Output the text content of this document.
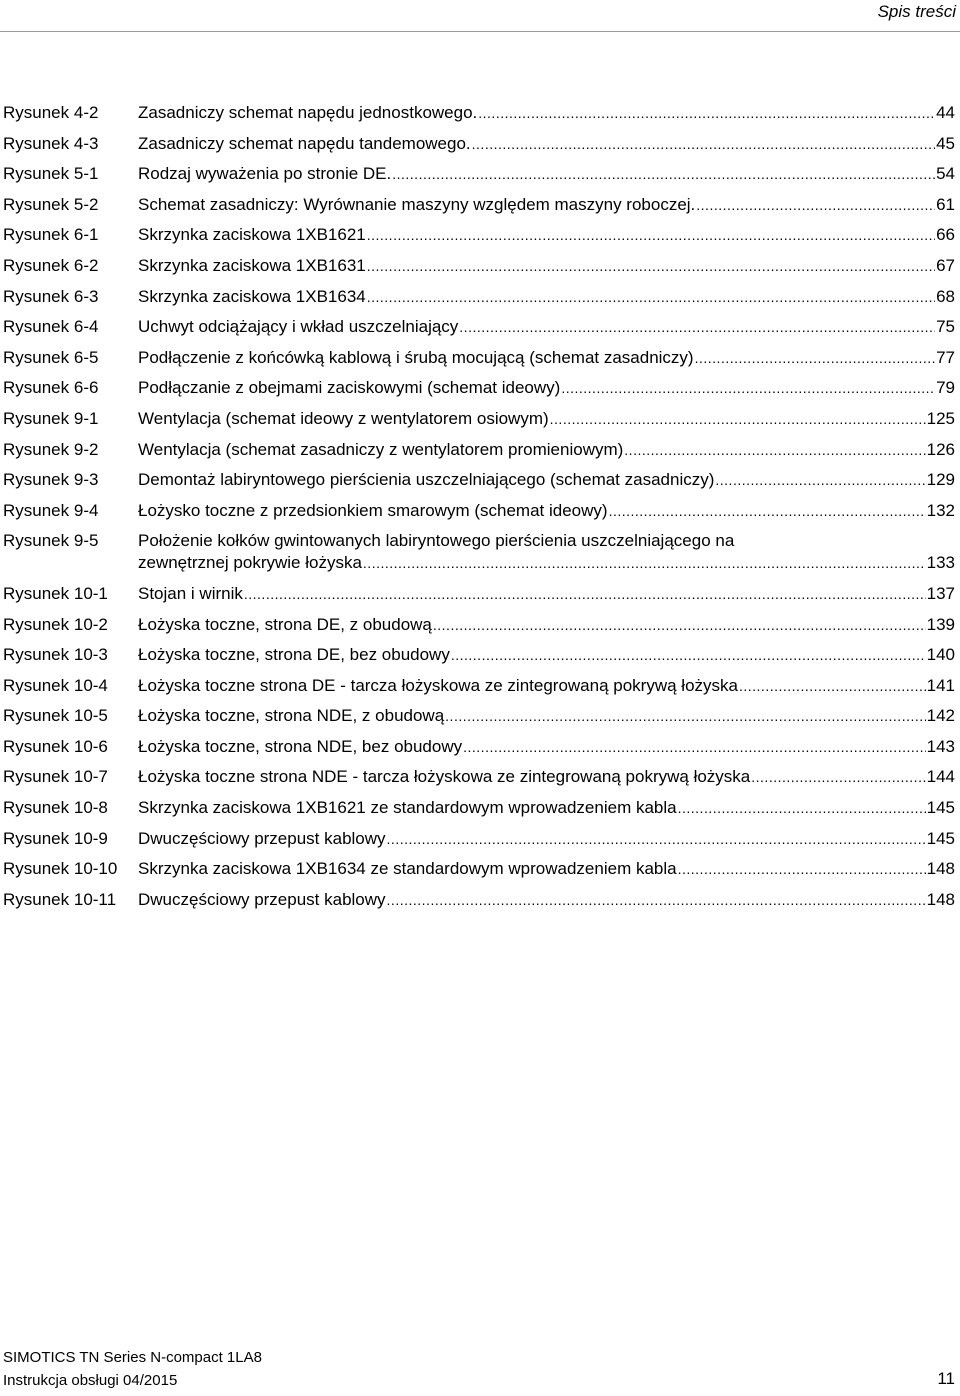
Spis treści
Rysunek 4-2	Zasadniczy schemat napędu jednostkowego. .....	44
Rysunek 4-3	Zasadniczy schemat napędu tandemowego. .....	45
Rysunek 5-1	Rodzaj wyważenia po stronie DE. .....	54
Rysunek 5-2	Schemat zasadniczy: Wyrównanie maszyny względem maszyny roboczej. .....	61
Rysunek 6-1	Skrzynka zaciskowa 1XB1621 .....	66
Rysunek 6-2	Skrzynka zaciskowa 1XB1631 .....	67
Rysunek 6-3	Skrzynka zaciskowa 1XB1634 .....	68
Rysunek 6-4	Uchwyt odciążający i wkład uszczelniający .....	75
Rysunek 6-5	Podłączenie z końcówką kablową i śrubą mocującą (schemat zasadniczy) .....	77
Rysunek 6-6	Podłączanie z obejmami zaciskowymi (schemat ideowy) .....	79
Rysunek 9-1	Wentylacja (schemat ideowy z wentylatorem osiowym) .....	125
Rysunek 9-2	Wentylacja (schemat zasadniczy z wentylatorem promieniowym) .....	126
Rysunek 9-3	Demontaż labiryntowego pierścienia uszczelniającego (schemat zasadniczy) .....	129
Rysunek 9-4	Łożysko toczne z przedsionkiem smarowym (schemat ideowy) .....	132
Rysunek 9-5	Położenie kołków gwintowanych labiryntowego pierścienia uszczelniającego na
zewnętrznej pokrywie łożyska .....	133
Rysunek 10-1	Stojan i wirnik .....	137
Rysunek 10-2	Łożyska toczne, strona DE, z obudową .....	139
Rysunek 10-3	Łożyska toczne, strona DE, bez obudowy .....	140
Rysunek 10-4	Łożyska toczne strona DE - tarcza łożyskowa ze zintegrowaną pokrywą łożyska .....	141
Rysunek 10-5	Łożyska toczne, strona NDE, z obudową .....	142
Rysunek 10-6	Łożyska toczne, strona NDE, bez obudowy .....	143
Rysunek 10-7	Łożyska toczne strona NDE - tarcza łożyskowa ze zintegrowaną pokrywą łożyska .....	144
Rysunek 10-8	Skrzynka zaciskowa 1XB1621 ze standardowym wprowadzeniem kabla .....	145
Rysunek 10-9	Dwuczęściowy przepust kablowy .....	145
Rysunek 10-10	Skrzynka zaciskowa 1XB1634 ze standardowym wprowadzeniem kabla .....	148
Rysunek 10-11	Dwuczęściowy przepust kablowy .....	148
SIMOTICS TN Series N-compact 1LA8
Instrukcja obsługi 04/2015	11
